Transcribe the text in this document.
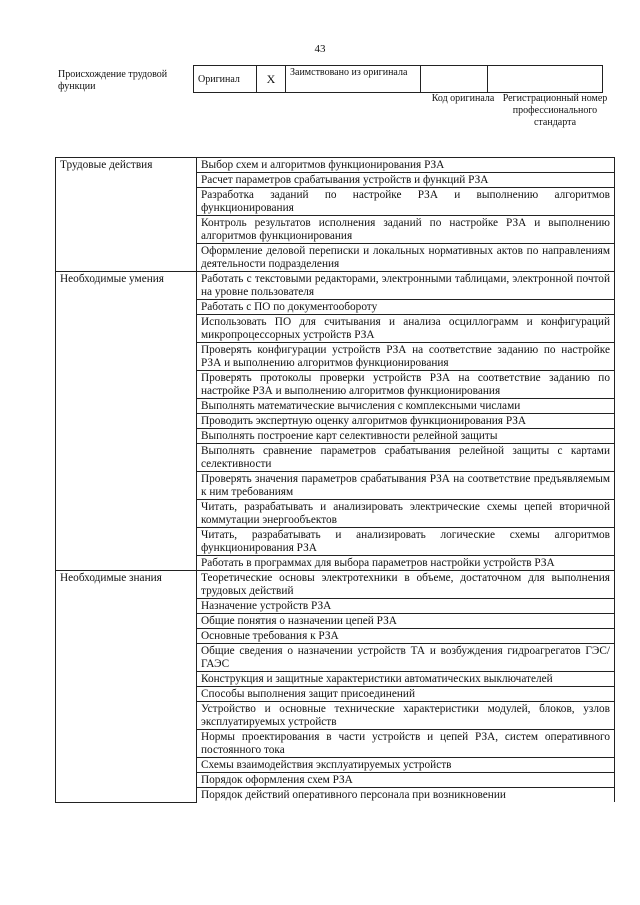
43
Происхождение трудовой функции
Оригинал	X	Заимствовано из оригинала		
Код оригинала Регистрационный номер профессионального стандарта
Трудовые действия	Выбор схем и алгоритмов функционирования РЗА
	Расчет параметров срабатывания устройств и функций РЗА
	Разработка заданий по настройке РЗА и выполнению алгоритмов функционирования
	Контроль результатов исполнения заданий по настройке РЗА и выполнению алгоритмов функционирования
	Оформление деловой переписки и локальных нормативных актов по направлениям деятельности подразделения
Необходимые умения	Работать с текстовыми редакторами, электронными таблицами, электронной почтой на уровне пользователя
	Работать с ПО по документообороту
	Использовать ПО для считывания и анализа осциллограмм и конфигураций микропроцессорных устройств РЗА
	Проверять конфигурации устройств РЗА на соответствие заданию по настройке РЗА и выполнению алгоритмов функционирования
	Проверять протоколы проверки устройств РЗА на соответствие заданию по настройке РЗА и выполнению алгоритмов функционирования
	Выполнять математические вычисления с комплексными числами
	Проводить экспертную оценку алгоритмов функционирования РЗА
	Выполнять построение карт селективности релейной защиты
	Выполнять сравнение параметров срабатывания релейной защиты с картами селективности
	Проверять значения параметров срабатывания РЗА на соответствие предъявляемым к ним требованиям
	Читать, разрабатывать и анализировать электрические схемы цепей вторичной коммутации энергообъектов
	Читать, разрабатывать и анализировать логические схемы алгоритмов функционирования РЗА
	Работать в программах для выбора параметров настройки устройств РЗА
Необходимые знания	Теоретические основы электротехники в объеме, достаточном для выполнения трудовых действий
	Назначение устройств РЗА
	Общие понятия о назначении цепей РЗА
	Основные требования к РЗА
	Общие сведения о назначении устройств ТА и возбуждения гидроагрегатов ГЭС/ГАЭС
	Конструкция и защитные характеристики автоматических выключателей
	Способы выполнения защит присоединений
	Устройство и основные технические характеристики модулей, блоков, узлов эксплуатируемых устройств
	Нормы проектирования в части устройств и цепей РЗА, систем оперативного постоянного тока
	Схемы взаимодействия эксплуатируемых устройств
	Порядок оформления схем РЗА
	Порядок действий оперативного персонала при возникновении
